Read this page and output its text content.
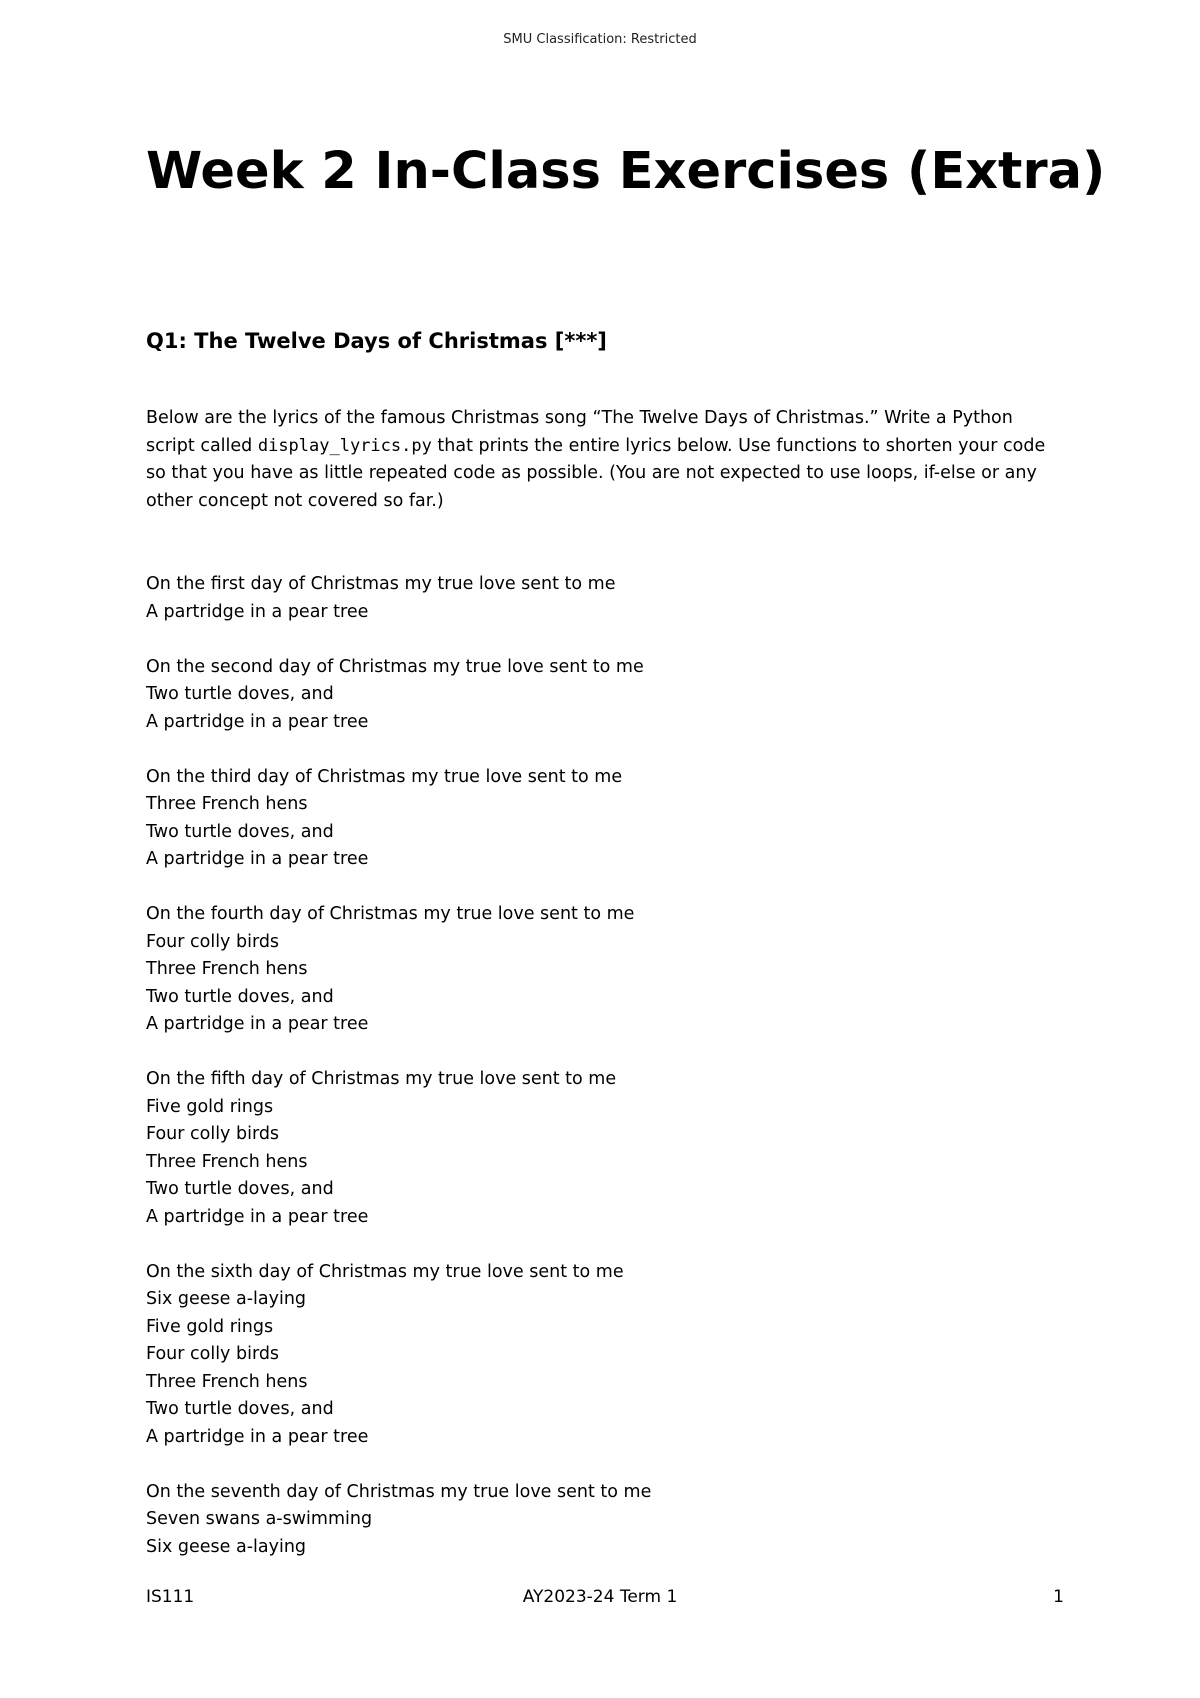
SMU Classification: Restricted
Week 2 In-Class Exercises (Extra)
Q1: The Twelve Days of Christmas [***]

Below are the lyrics of the famous Christmas song “The Twelve Days of Christmas.” Write a Python script called display_lyrics.py that prints the entire lyrics below. Use functions to shorten your code so that you have as little repeated code as possible. (You are not expected to use loops, if-else or any other concept not covered so far.)

On the first day of Christmas my true love sent to me
A partridge in a pear tree
On the second day of Christmas my true love sent to me
Two turtle doves, and
A partridge in a pear tree
On the third day of Christmas my true love sent to me
Three French hens
Two turtle doves, and
A partridge in a pear tree
On the fourth day of Christmas my true love sent to me
Four colly birds
Three French hens
Two turtle doves, and
A partridge in a pear tree
On the fifth day of Christmas my true love sent to me
Five gold rings
Four colly birds
Three French hens
Two turtle doves, and
A partridge in a pear tree
On the sixth day of Christmas my true love sent to me
Six geese a-laying
Five gold rings
Four colly birds
Three French hens
Two turtle doves, and
A partridge in a pear tree
On the seventh day of Christmas my true love sent to me
Seven swans a-swimming
Six geese a-laying
IS111	AY2023-24 Term 1	1
